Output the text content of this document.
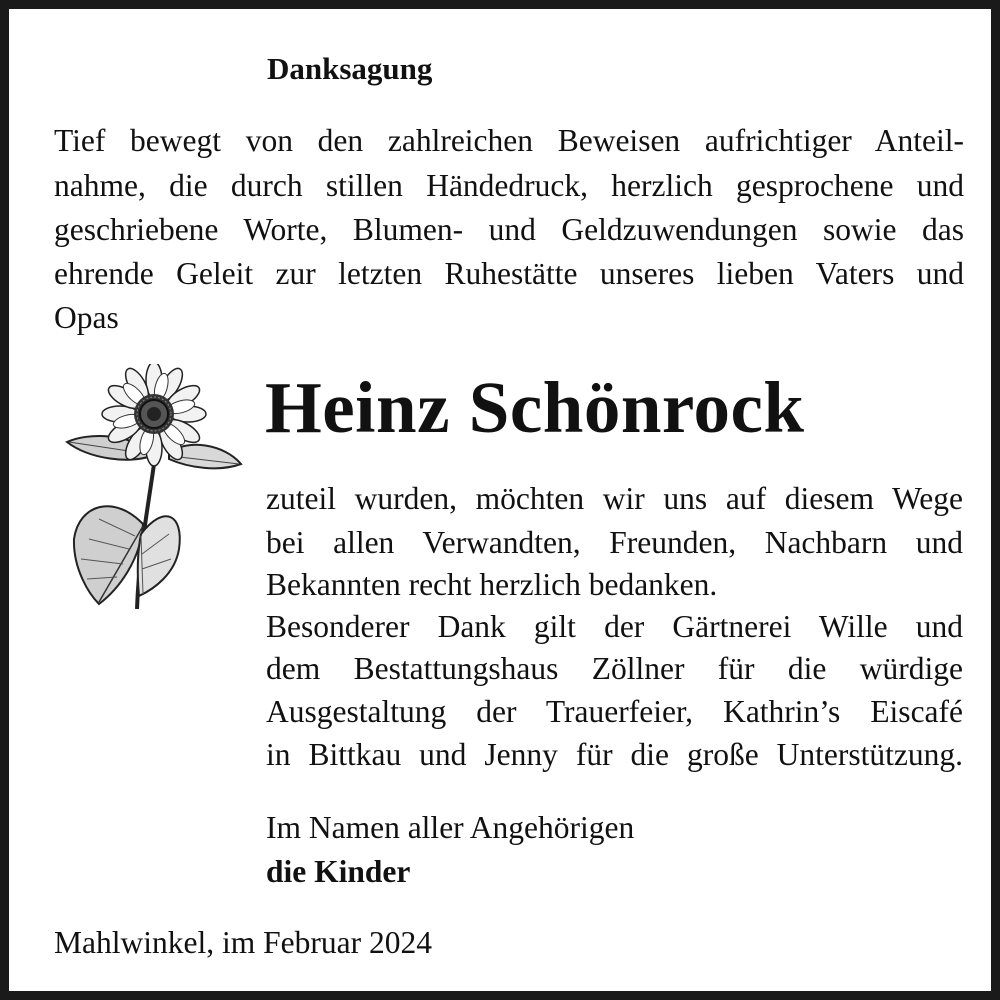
Danksagung
Tief bewegt von den zahlreichen Beweisen aufrichtiger Anteil-
nahme, die durch stillen Händedruck, herzlich gesprochene und
geschriebene Worte, Blumen- und Geldzuwendungen sowie das
ehrende Geleit zur letzten Ruhestätte unseres lieben Vaters und
Opas
Heinz Schönrock
zuteil wurden, möchten wir uns auf diesem Wege
bei allen Verwandten, Freunden, Nachbarn und
Bekannten recht herzlich bedanken.
Besonderer Dank gilt der Gärtnerei Wille und
dem Bestattungshaus Zöllner für die würdige
Ausgestaltung der Trauerfeier, Kathrin’s Eiscafé
in Bittkau und Jenny für die große Unterstützung.
Im Namen aller Angehörigen
die Kinder
Mahlwinkel, im Februar 2024
